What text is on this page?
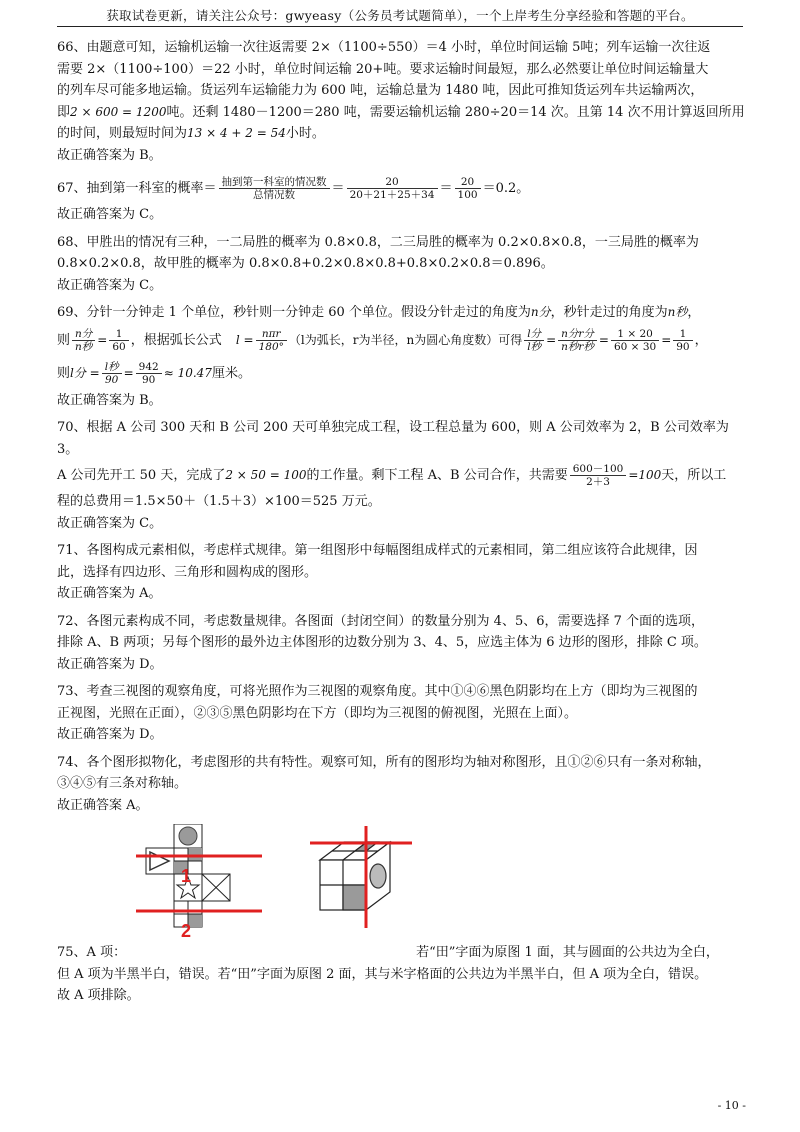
获取试卷更新，请关注公众号：gwyeasy（公务员考试题简单），一个上岸考生分享经验和答题的平台。

66、由题意可知，运输机运输一次往返需要 2×（1100÷550）＝4 小时，单位时间运输 5吨；列车运输一次往返

需要 2×（1100÷100）＝22 小时，单位时间运输 20+吨。要求运输时间最短，那么必然要让单位时间运输量大

的列车尽可能多地运输。货运列车运输能力为 600 吨，运输总量为 1480 吨，因此可推知货运列车共运输两次，

即2 × 600 = 1200吨。还剩 1480－1200＝280 吨，需要运输机运输 280÷20＝14 次。且第 14 次不用计算返回所用

的时间，则最短时间为13 × 4 + 2 = 54小时。

故正确答案为 B。

67、抽到第一科室的概率＝ $\frac{\text{抽到第一科室的情况数}}{\text{总情况数}} = \frac{20}{20+21+25+34} = \frac{20}{100} =0.2$。

故正确答案为 C。

68、甲胜出的情况有三种，一二局胜的概率为 0.8×0.8，二三局胜的概率为 0.2×0.8×0.8，一三局胜的概率为

0.8×0.2×0.8，故甲胜的概率为 0.8×0.8+0.2×0.8×0.8+0.8×0.2×0.8＝0.896。

故正确答案为 C。

69、分针一分钟走 1 个单位，秒针则一分钟走 60 个单位。假设分针走过的角度为n分，秒针走过的角度为n秒，

则 $\frac{\text{n分}}{\text{n秒}} = \frac{1}{60}$ ，根据弧长公式 $l = \frac{\text{nπr}}{180^\circ} (l$为弧长，r为半径，n为圆心角度数）可得 $\frac{\text{l分}}{\text{l秒}} = \frac{\text{n分r分}}{\text{n秒r秒}} = \frac{1 \times 20}{60 \times 30} = \frac{1}{90}$ ，

则l分 = $\frac{\text{l秒}}{90} = \frac{942}{90} \approx 10.47$厘米。

故正确答案为 B。

70、根据 A 公司 300 天和 B 公司 200 天可单独完成工程，设工程总量为 600，则 A 公司效率为 2，B 公司效率为 3。

A 公司先开工 50 天，完成了2 × 50 = 100的工作量。剩下工程 A、B 公司合作，共需要 $\frac{600-100}{2+3} =100$天，所以工

程的总费用＝1.5×50＋（1.5＋3）×100＝525 万元。

故正确答案为 C。

71、各图构成元素相似，考虑样式规律。第一组图形中每幅图组成样式的元素相同，第二组应该符合此规律，因

此，选择有四边形、三角形和圆构成的图形。

故正确答案为 A。

72、各图元素构成不同，考虑数量规律。各图面（封闭空间）的数量分别为 4、5、6，需要选择 7 个面的选项，

排除 A、B 两项；另每个图形的最外边主体图形的边数分别为 3、4、5，应选主体为 6 边形的图形，排除 C 项。

故正确答案为 D。

73、考查三视图的观察角度，可将光照作为三视图的观察角度。其中①④⑥黑色阴影均在上方（即均为三视图的

正视图，光照在正面），②③⑤黑色阴影均在下方（即均为三视图的俯视图，光照在上面）。

故正确答案为 D。

74、各个图形拟物化，考虑图形的共有特性。观察可知，所有的图形均为轴对称图形，且①②⑥只有一条对称轴，

③④⑤有三条对称轴。

故正确答案 A。

1
2

75、A 项：	若“田”字面为原图 1 面，其与圆面的公共边为全白，

但 A 项为半黑半白，错误。若“田”字面为原图 2 面，其与米字格面的公共边为半黑半白，但 A 项为全白，错误。

故 A 项排除。

- 10 -
